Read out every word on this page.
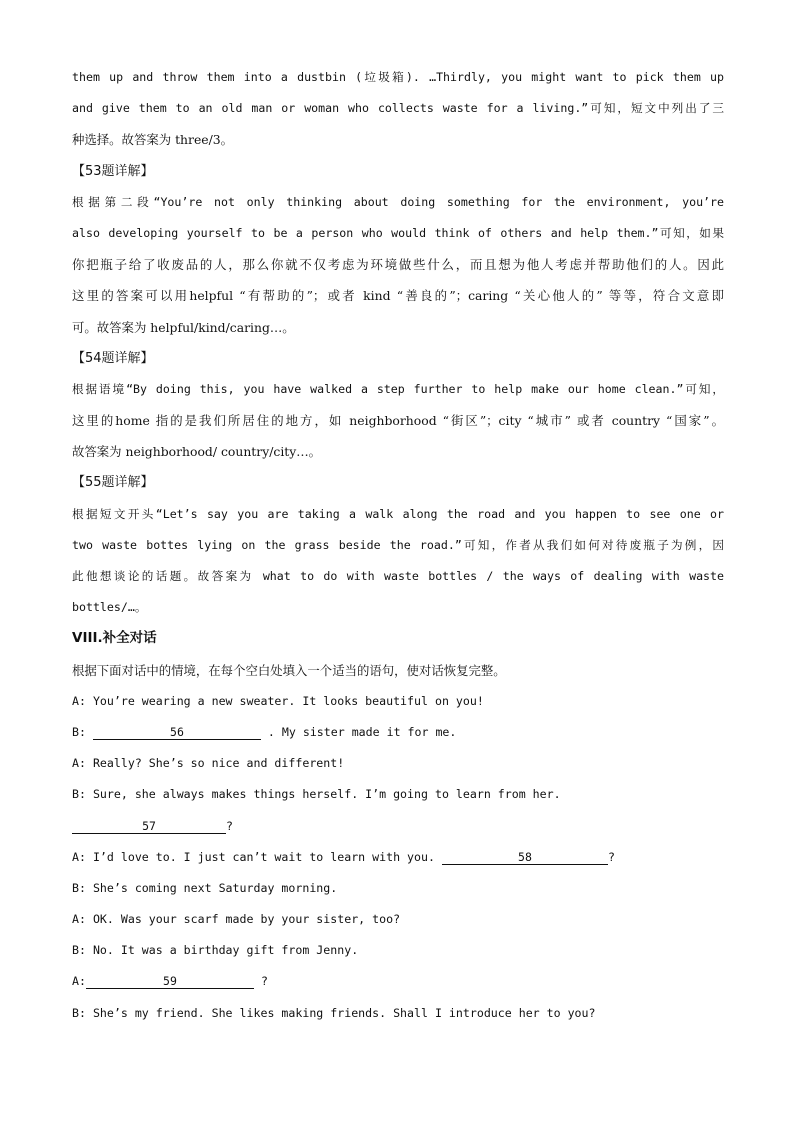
them up and throw them into a dustbin (垃圾箱). …Thirdly, you might want to pick them up
and give them to an old man or woman who collects waste for a living.”可知，短文中列出了三
种选择。故答案为 three/3。
【53题详解】
根据第二段“You’re not only thinking about doing something for the environment, you’re
also developing yourself to be a person who would think of others and help them.”可知，如果
你把瓶子给了收废品的人，那么你就不仅考虑为环境做些什么，而且想为他人考虑并帮助他们的人。因此
这里的答案可以用helpful “有帮助的”；或者 kind “善良的”；caring “关心他人的” 等等，符合文意即
可。故答案为 helpful/kind/caring…。
【54题详解】
根据语境“By doing this, you have walked a step further to help make our home clean.”可知，
这里的home 指的是我们所居住的地方，如 neighborhood “街区”；city “城市” 或者 country “国家”。
故答案为 neighborhood/ country/city…。
【55题详解】
根据短文开头“Let’s say you are taking a walk along the road and you happen to see one or
two waste bottes lying on the grass beside the road.”可知，作者从我们如何对待废瓶子为例，因
此他想谈论的话题。故答案为 what to do with waste bottles / the ways of dealing with waste
bottles/…。
VIII.补全对话
根据下面对话中的情境，在每个空白处填入一个适当的语句，使对话恢复完整。
A: You’re wearing a new sweater. It looks beautiful on you!
B:	56	. My sister made it for me.
A: Really? She’s so nice and different!
B: Sure, she always makes things herself. I’m going to learn from her.
57	?
A: I’d love to. I just can’t wait to learn with you.	58	?
B: She’s coming next Saturday morning.
A: OK. Was your scarf made by your sister, too?
B: No. It was a birthday gift from Jenny.
A:	59	?
B: She’s my friend. She likes making friends. Shall I introduce her to you?
